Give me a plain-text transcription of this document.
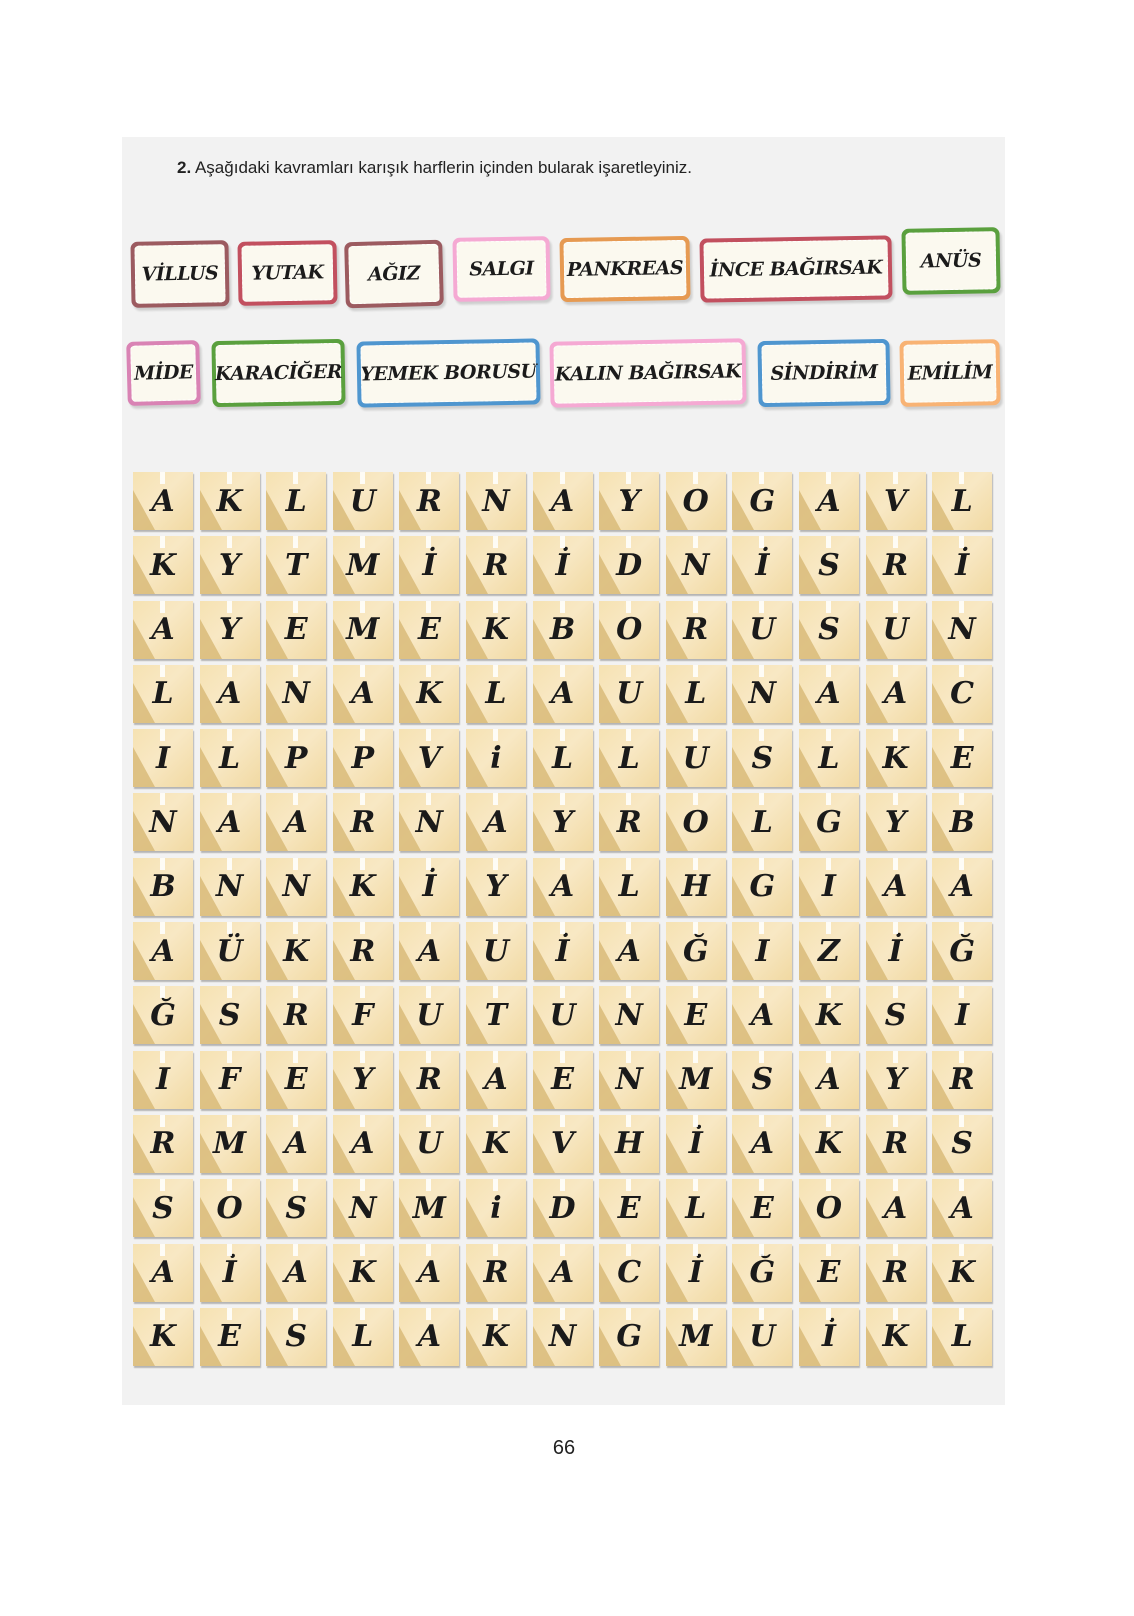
2. Aşağıdaki kavramları karışık harflerin içinden bularak işaretleyiniz.
VİLLUS YUTAK AĞIZ	SALGI PANKREAS İNCE BAĞIRSAK ANÜS
MİDE KARACİĞER YEMEK BORUSU KALIN BAĞIRSAK SİNDİRİM EMİLİM
A K L U R N A Y O G A V L
K Y T M İ R İ D N İ S R İ
A Y E M E K B O R U S U N
L A N A K L A U L N A A C
I L P P V i L L U S L K E
N A A R N A Y R O L G Y B
B N N K İ Y A L H G I A A
A Ü K R A U İ A Ğ I Z İ Ğ
Ğ S R F U T U N E A K S I
I F E Y R A E N M S A Y R
R M A A U K V H İ A K R S
S O S N M i D E L E O A A
A İ A K A R A C İ Ğ E R K
K E S L A K N G M U İ K L
66
